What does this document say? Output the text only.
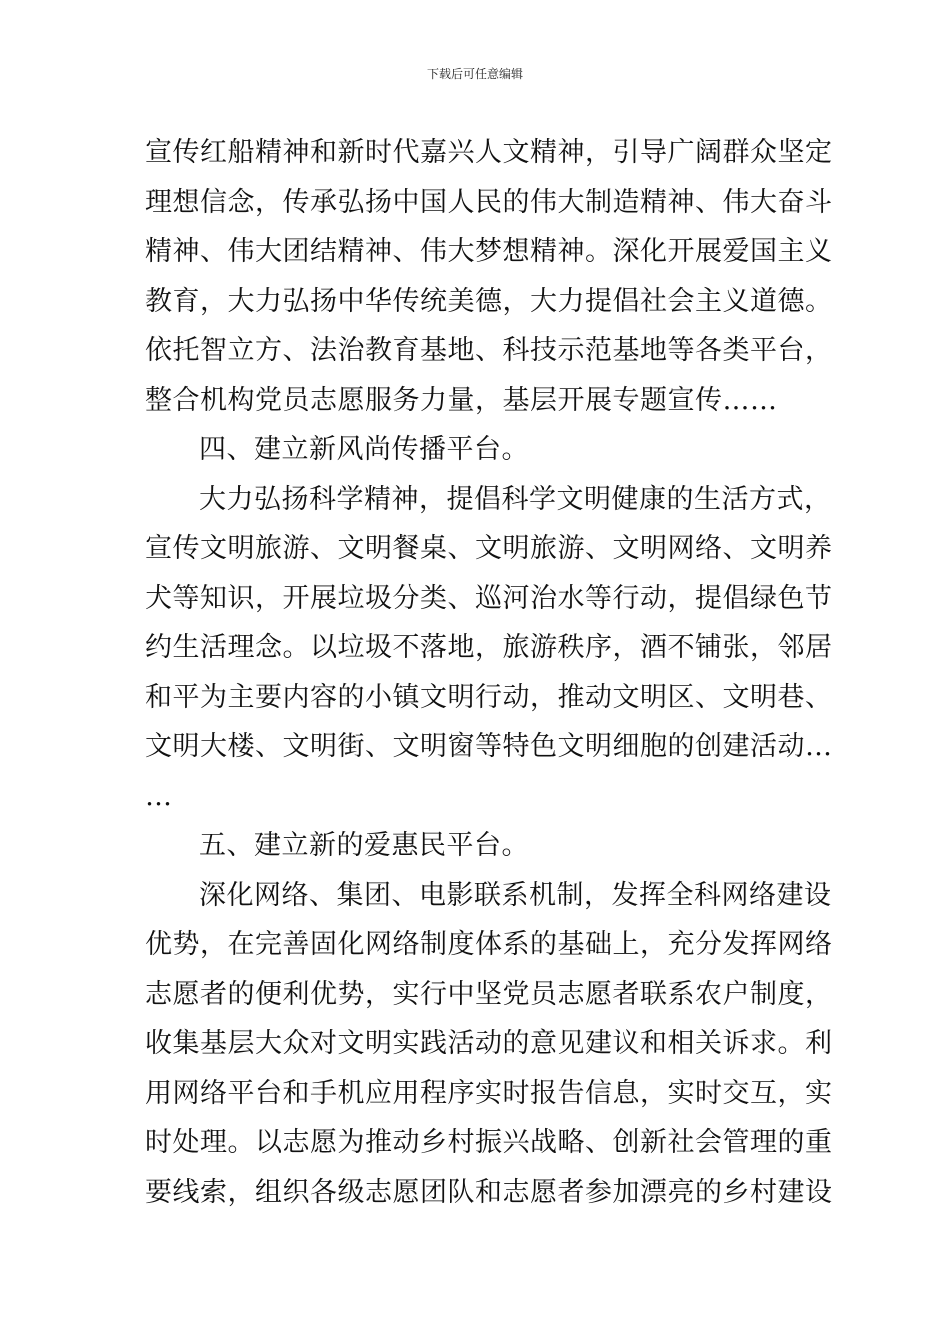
下载后可任意编辑
宣传红船精神和新时代嘉兴人文精神，引导广阔群众坚定
理想信念，传承弘扬中国人民的伟大制造精神、伟大奋斗
精神、伟大团结精神、伟大梦想精神。深化开展爱国主义
教育，大力弘扬中华传统美德，大力提倡社会主义道德。
依托智立方、法治教育基地、科技示范基地等各类平台，
整合机构党员志愿服务力量，基层开展专题宣传……
四、建立新风尚传播平台。
大力弘扬科学精神，提倡科学文明健康的生活方式，
宣传文明旅游、文明餐桌、文明旅游、文明网络、文明养
犬等知识，开展垃圾分类、巡河治水等行动，提倡绿色节
约生活理念。以垃圾不落地，旅游秩序，酒不铺张，邻居
和平为主要内容的小镇文明行动，推动文明区、文明巷、
文明大楼、文明街、文明窗等特色文明细胞的创建活动…
…
五、建立新的爱惠民平台。
深化网络、集团、电影联系机制，发挥全科网络建设
优势，在完善固化网络制度体系的基础上，充分发挥网络
志愿者的便利优势，实行中坚党员志愿者联系农户制度，
收集基层大众对文明实践活动的意见建议和相关诉求。利
用网络平台和手机应用程序实时报告信息，实时交互，实
时处理。以志愿为推动乡村振兴战略、创新社会管理的重
要线索，组织各级志愿团队和志愿者参加漂亮的乡村建设
